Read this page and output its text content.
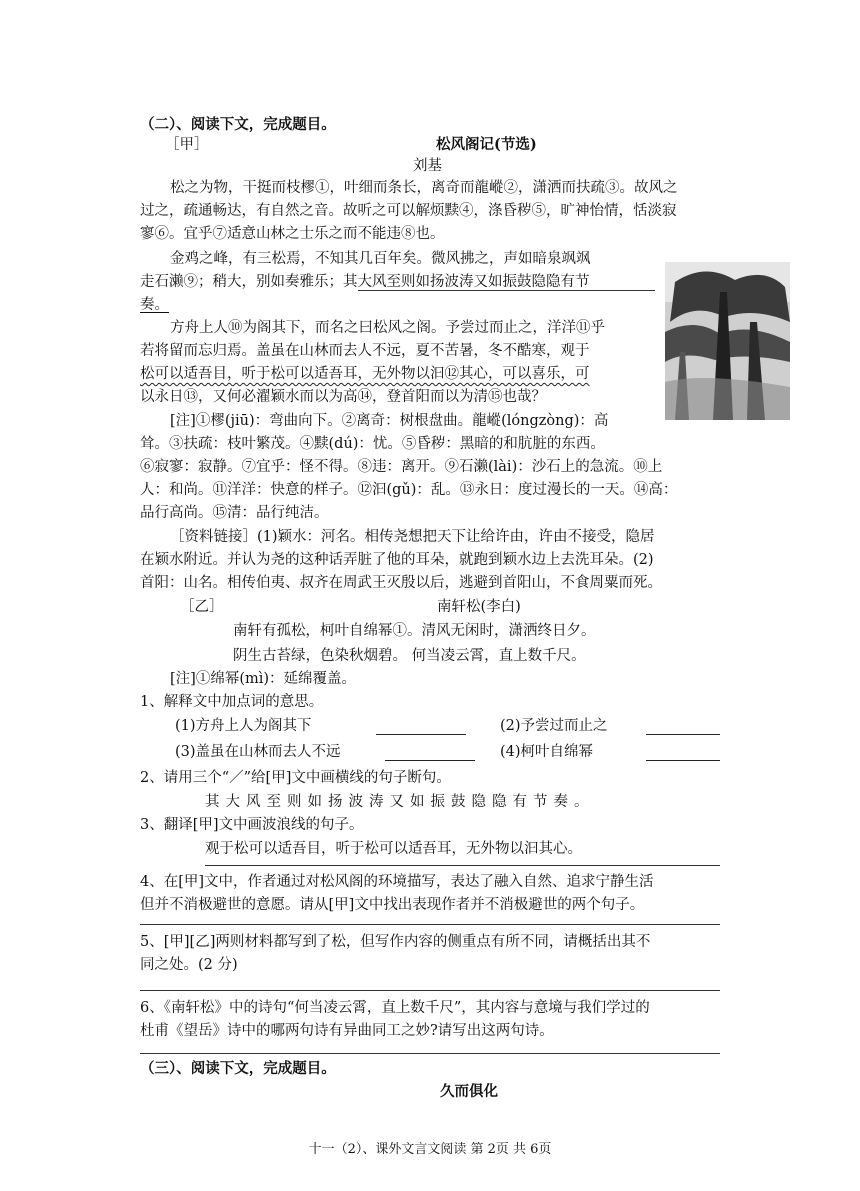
（二）、阅读下文，完成题目。
［甲］	松风阁记(节选)
刘基
松之为物，干挺而枝樛①，叶细而条长，离奇而龍嵷②，潇洒而扶疏③。故风之
过之，疏通畅达，有自然之音。故听之可以解烦黩④，涤昏秽⑤，旷神怡情，恬淡寂
寥⑥。宜乎⑦适意山林之士乐之而不能违⑧也。
金鸡之峰，有三松焉，不知其几百年矣。微风拂之，声如暗泉飒飒
走石濑⑨；稍大，别如奏雅乐；其大风至则如扬波涛又如振鼓隐隐有节
奏。
方舟上人⑩为阁其下，而名之曰松风之阁。予尝过而止之，洋洋⑪乎
若将留而忘归焉。盖虽在山林而去人不远，夏不苦暑，冬不酷寒，观于
松可以适吾目，听于松可以适吾耳，无外物以汩⑫其心，可以喜乐，可
以永日⑬，又何必濯颖水而以为高⑭，登首阳而以为清⑮也哉？
[注]①樛(jiū)：弯曲向下。②离奇：树根盘曲。龍嵷(lóngzòng)：高
耸。③扶疏：枝叶繁茂。④黩(dú)：忧。⑤昏秽：黑暗的和肮脏的东西。
⑥寂寥：寂静。⑦宜乎：怪不得。⑧违：离开。⑨石濑(lài)：沙石上的急流。⑩上
人：和尚。⑪洋洋：快意的样子。⑫汩(gǔ)：乱。⑬永日：度过漫长的一天。⑭高：
品行高尚。⑮清：品行纯洁。
［资料链接］(1)颖水：河名。相传尧想把天下让给许由，许由不接受，隐居
在颖水附近。并认为尧的这种话弄脏了他的耳朵，就跑到颖水边上去洗耳朵。(2)
首阳：山名。相传伯夷、叔齐在周武王灭殷以后，逃避到首阳山，不食周粟而死。
［乙］	南轩松(李白)
南轩有孤松，柯叶自绵幂①。清风无闲时，潇洒终日夕。
阴生古苔绿，色染秋烟碧。 何当凌云霄，直上数千尺。
[注]①绵幂(mì)：延绵覆盖。
1、解释文中加点词的意思。
(1)方舟上人为阁其下	(2)予尝过而止之
(3)盖虽在山林而去人不远	(4)柯叶自绵幂
2、请用三个“／”给[甲]文中画横线的句子断句。
其大风至则如扬波涛又如振鼓隐隐有节奏。
3、翻译[甲]文中画波浪线的句子。
观于松可以适吾目，听于松可以适吾耳，无外物以汩其心。
4、在[甲]文中，作者通过对松风阁的环境描写，表达了融入自然、追求宁静生活
但并不消极避世的意愿。请从[甲]文中找出表现作者并不消极避世的两个句子。
5、[甲][乙]两则材料都写到了松，但写作内容的侧重点有所不同，请概括出其不
同之处。(2 分)
6、《南轩松》中的诗句“何当凌云霄，直上数千尺”，其内容与意境与我们学过的
杜甫《望岳》诗中的哪两句诗有异曲同工之妙?请写出这两句诗。
（三）、阅读下文，完成题目。
久而俱化
十一（2）、课外文言文阅读 第 2页 共 6页
